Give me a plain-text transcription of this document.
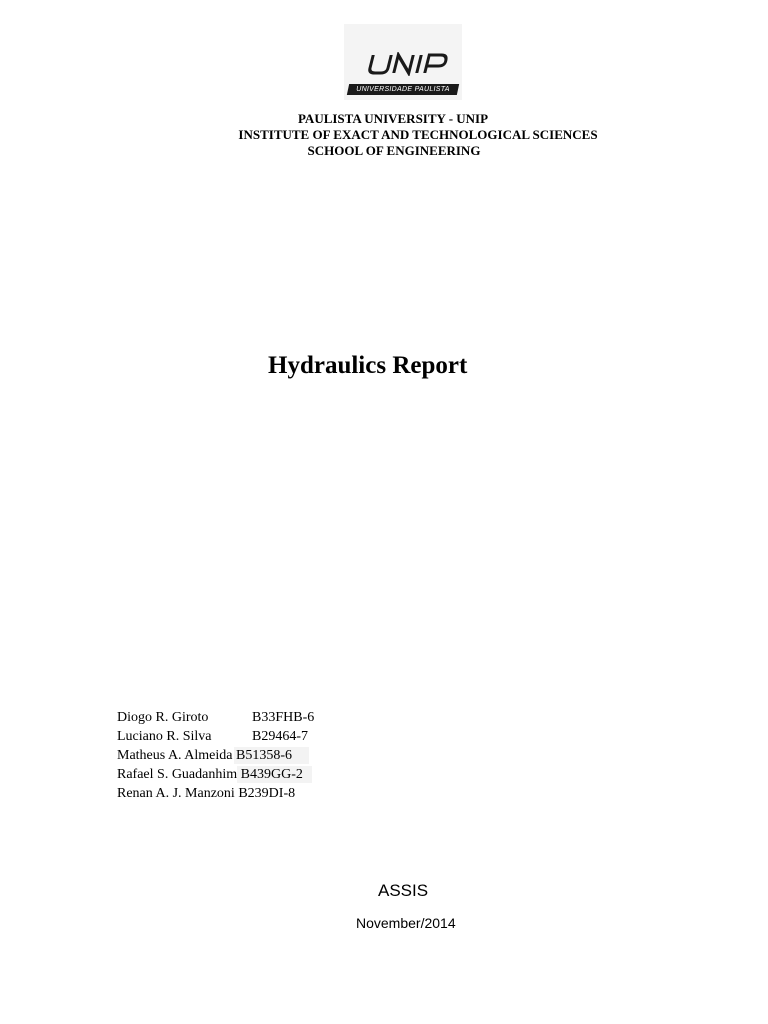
UNIVERSIDADE PAULISTA
PAULISTA UNIVERSITY - UNIP
INSTITUTE OF EXACT AND TECHNOLOGICAL SCIENCES
SCHOOL OF ENGINEERING
Hydraulics Report
Diogo R. Giroto	B33FHB-6
Luciano R. Silva	B29464-7
Matheus A. Almeida B51358-6
Rafael S. Guadanhim B439GG-2
Renan A. J. Manzoni B239DI-8
ASSIS
November/2014
